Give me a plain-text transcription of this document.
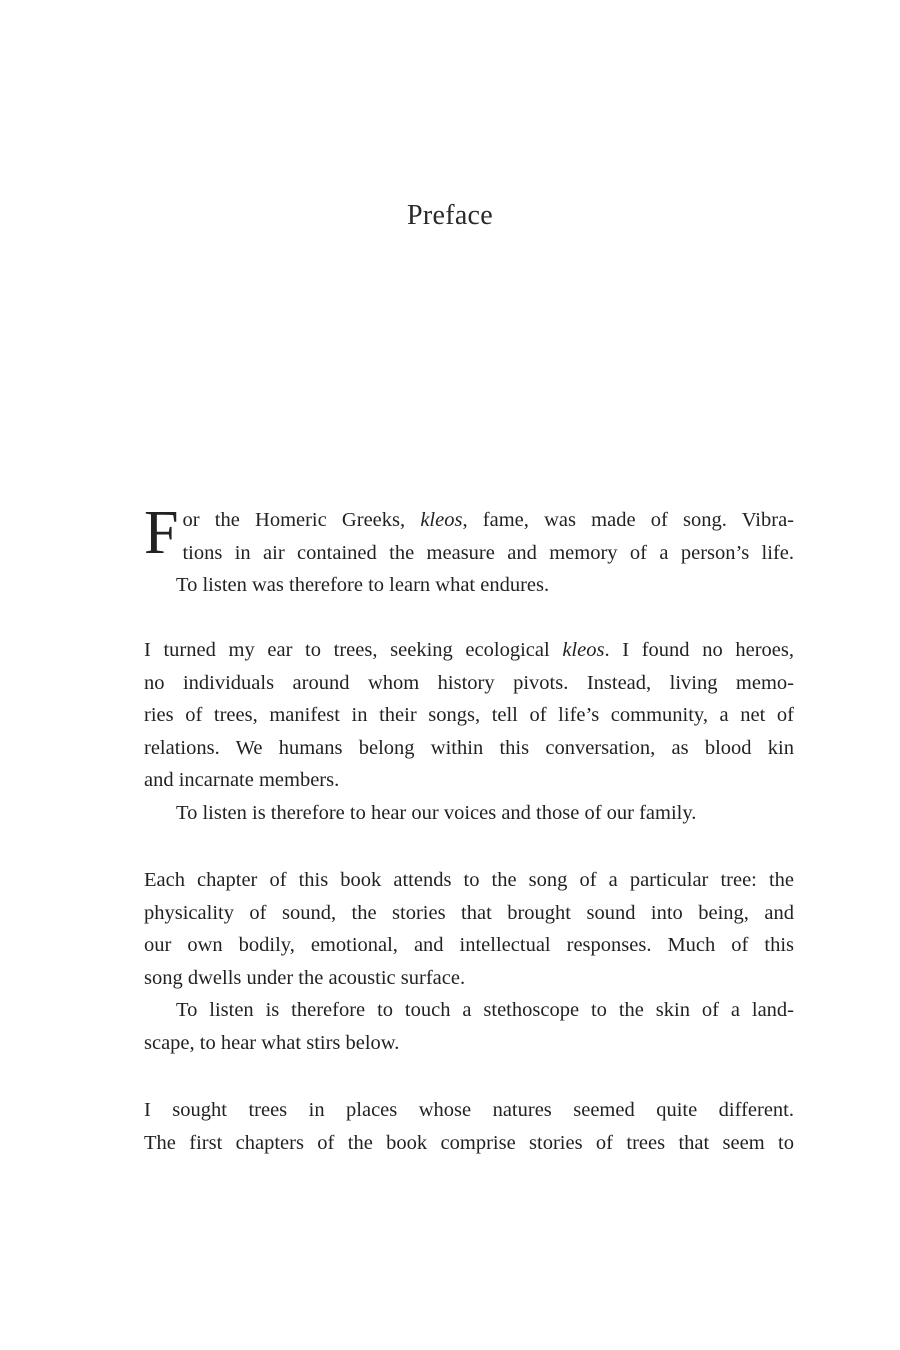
Preface
F or the Homeric Greeks, kleos, fame, was made of song. Vibra-
tions in air contained the measure and memory of a person’s life.
To listen was therefore to learn what endures.
I turned my ear to trees, seeking ecological kleos. I found no heroes,
no individuals around whom history pivots. Instead, living memo-
ries of trees, manifest in their songs, tell of life’s community, a net of
relations. We humans belong within this conversation, as blood kin
and incarnate members.
To listen is therefore to hear our voices and those of our family.
Each chapter of this book attends to the song of a particular tree: the
physicality of sound, the stories that brought sound into being, and
our own bodily, emotional, and intellectual responses. Much of this
song dwells under the acoustic surface.
To listen is therefore to touch a stethoscope to the skin of a land-
scape, to hear what stirs below.
I sought trees in places whose natures seemed quite different.
The first chapters of the book comprise stories of trees that seem to
